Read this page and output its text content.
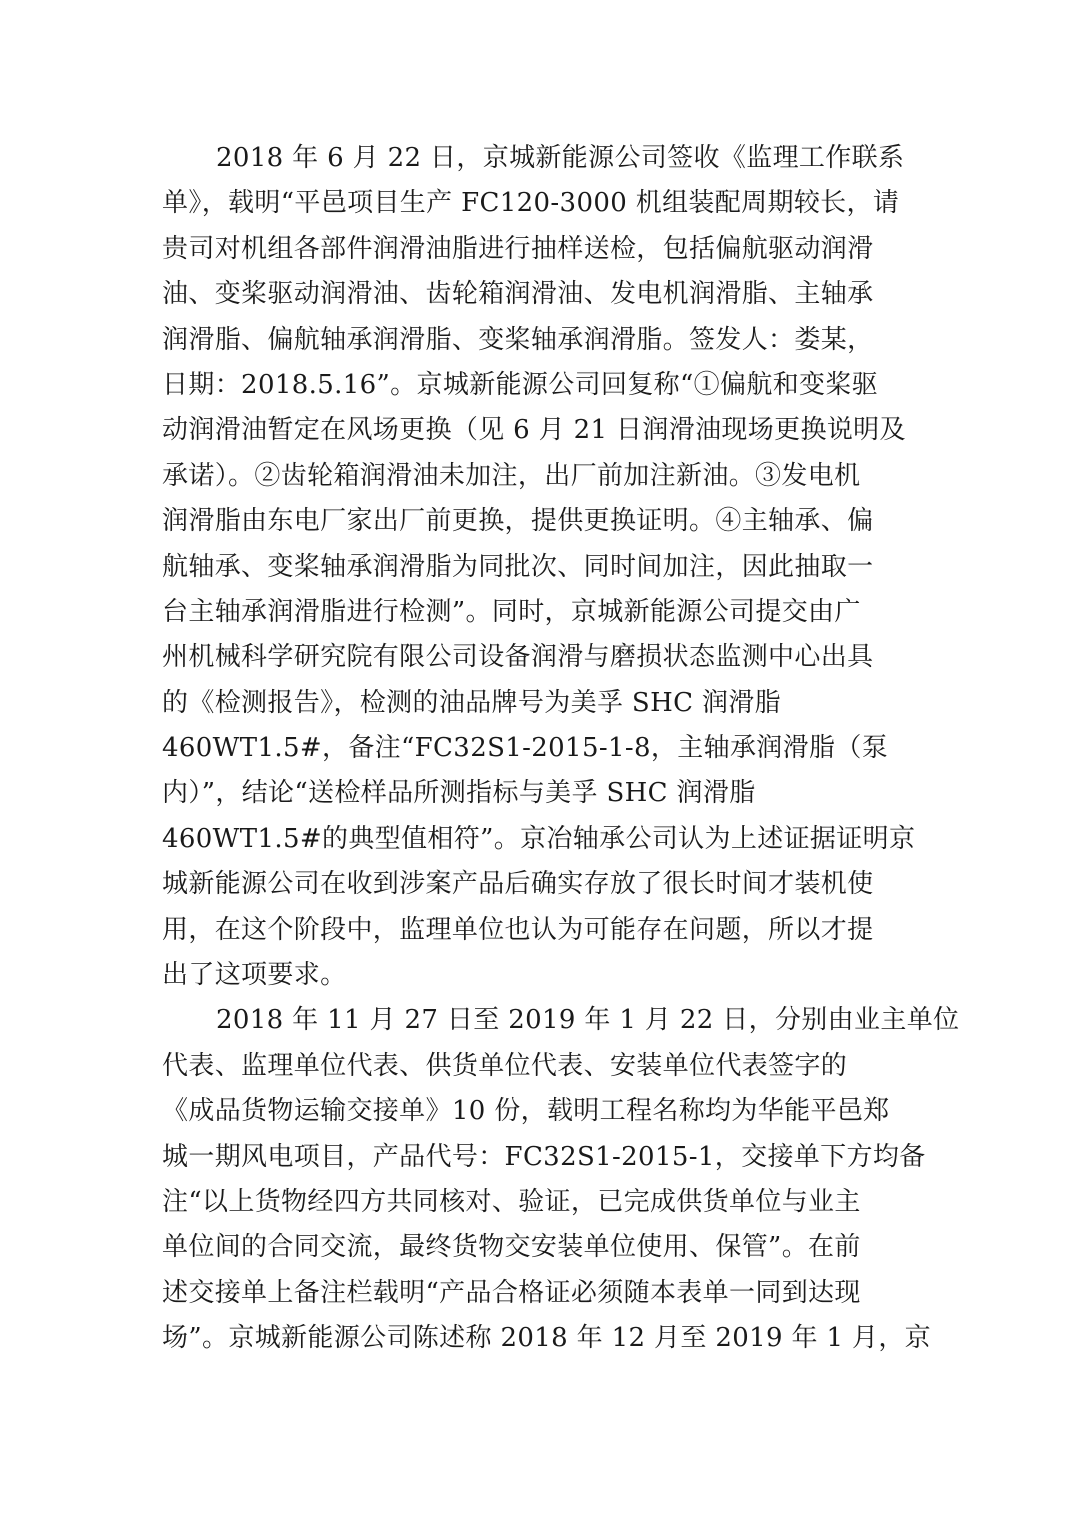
2018 年 6 月 22 日，京城新能源公司签收《监理工作联系
单》，载明“平邑项目生产 FC120-3000 机组装配周期较长，请
贵司对机组各部件润滑油脂进行抽样送检，包括偏航驱动润滑
油、变桨驱动润滑油、齿轮箱润滑油、发电机润滑脂、主轴承
润滑脂、偏航轴承润滑脂、变桨轴承润滑脂。签发人：娄某，
日期：2018.5.16”。京城新能源公司回复称“①偏航和变桨驱
动润滑油暂定在风场更换（见 6 月 21 日润滑油现场更换说明及
承诺）。②齿轮箱润滑油未加注，出厂前加注新油。③发电机
润滑脂由东电厂家出厂前更换，提供更换证明。④主轴承、偏
航轴承、变桨轴承润滑脂为同批次、同时间加注，因此抽取一
台主轴承润滑脂进行检测”。同时，京城新能源公司提交由广
州机械科学研究院有限公司设备润滑与磨损状态监测中心出具
的《检测报告》，检测的油品牌号为美孚 SHC 润滑脂
460WT1.5#，备注“FC32S1-2015-1-8，主轴承润滑脂（泵
内）”，结论“送检样品所测指标与美孚 SHC 润滑脂
460WT1.5#的典型值相符”。京冶轴承公司认为上述证据证明京
城新能源公司在收到涉案产品后确实存放了很长时间才装机使
用，在这个阶段中，监理单位也认为可能存在问题，所以才提
出了这项要求。
2018 年 11 月 27 日至 2019 年 1 月 22 日，分别由业主单位
代表、监理单位代表、供货单位代表、安装单位代表签字的
《成品货物运输交接单》10 份，载明工程名称均为华能平邑郑
城一期风电项目，产品代号：FC32S1-2015-1，交接单下方均备
注“以上货物经四方共同核对、验证，已完成供货单位与业主
单位间的合同交流，最终货物交安装单位使用、保管”。在前
述交接单上备注栏载明“产品合格证必须随本表单一同到达现
场”。京城新能源公司陈述称 2018 年 12 月至 2019 年 1 月，京
